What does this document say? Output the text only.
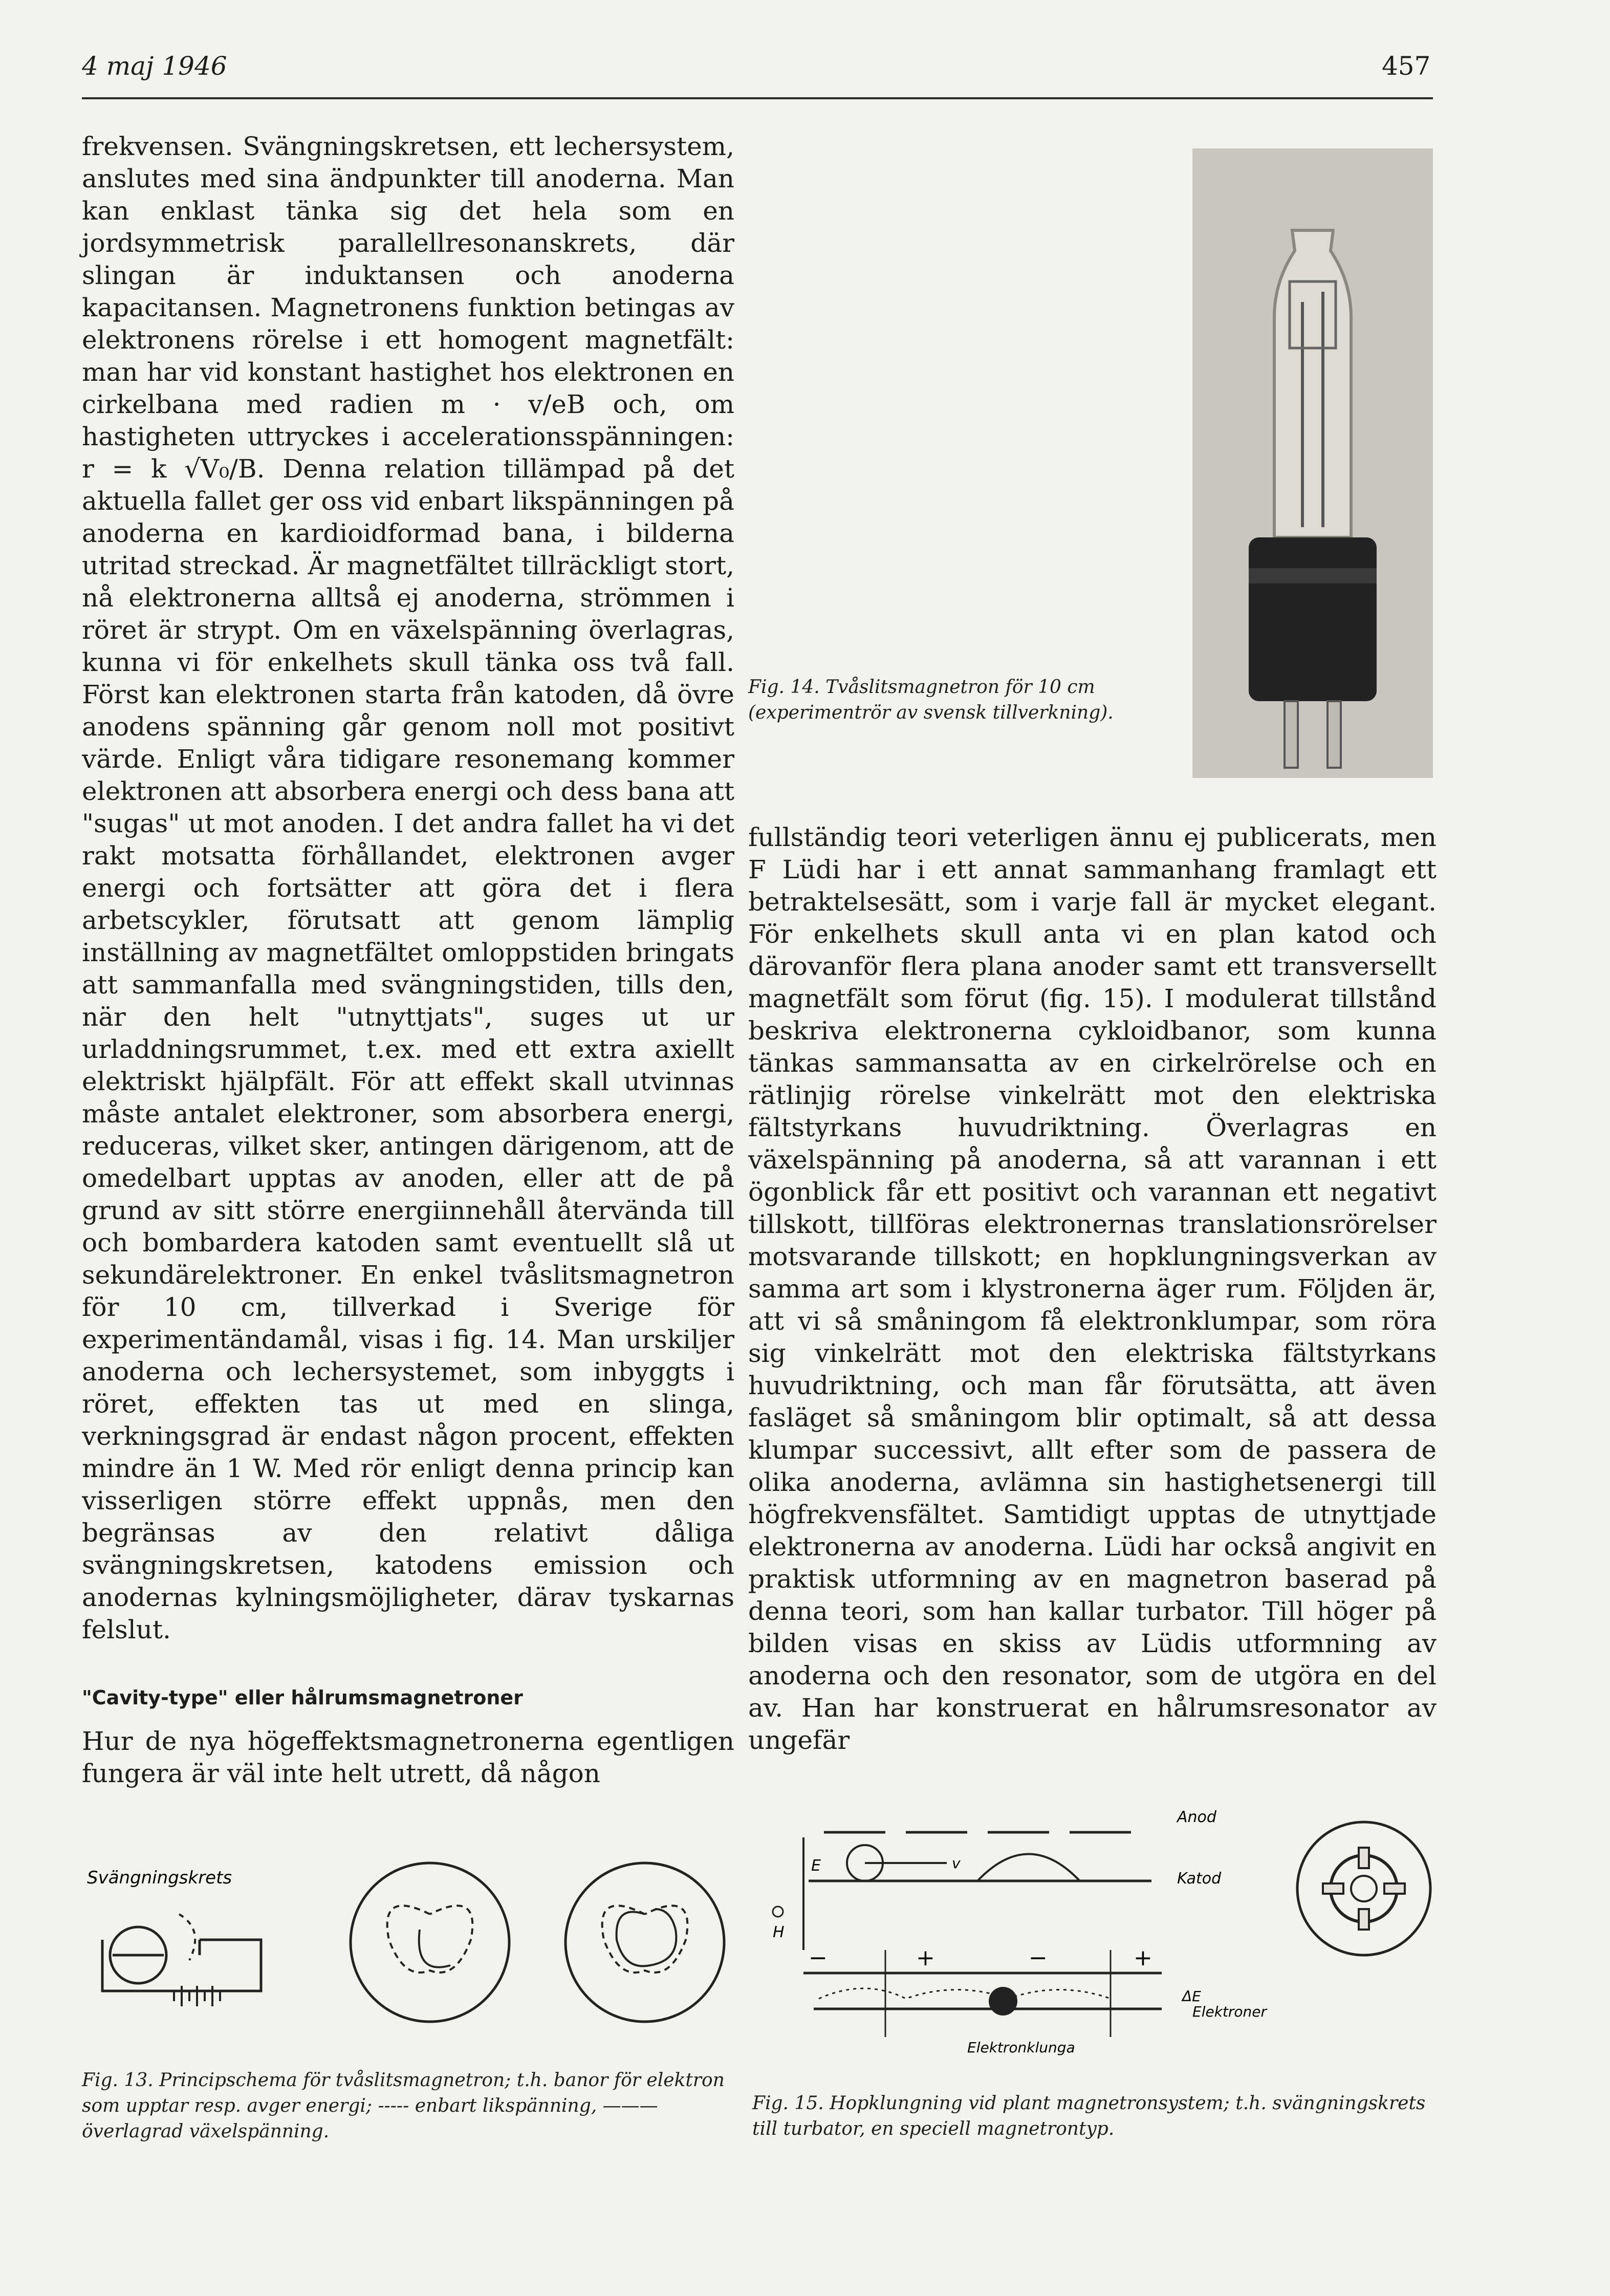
4 maj 1946	457

frekvensen. Svängningskretsen, ett lechersystem, anslutes med sina ändpunkter till anoderna. Man kan enklast tänka sig det hela som en jordsymmetrisk parallellresonanskrets, där slingan är induktansen och anoderna kapacitansen. Magnetronens funktion betingas av elektronens rörelse i ett homogent magnetfält: man har vid konstant hastighet hos elektronen en cirkelbana med radien m · v/eB och, om hastigheten uttryckes i accelerationsspänningen: r = k √V₀/B. Denna relation tillämpad på det aktuella fallet ger oss vid enbart likspänningen på anoderna en kardioidformad bana, i bilderna utritad streckad. Är magnetfältet tillräckligt stort, nå elektronerna alltså ej anoderna, strömmen i röret är strypt. Om en växelspänning överlagras, kunna vi för enkelhets skull tänka oss två fall. Först kan elektronen starta från katoden, då övre anodens spänning går genom noll mot positivt värde. Enligt våra tidigare resonemang kommer elektronen att absorbera energi och dess bana att "sugas" ut mot anoden. I det andra fallet ha vi det rakt motsatta förhållandet, elektronen avger energi och fortsätter att göra det i flera arbetscykler, förutsatt att genom lämplig inställning av magnetfältet omloppstiden bringats att sammanfalla med svängningstiden, tills den, när den helt "utnyttjats", suges ut ur urladdningsrummet, t.ex. med ett extra axiellt elektriskt hjälpfält. För att effekt skall utvinnas måste antalet elektroner, som absorbera energi, reduceras, vilket sker, antingen därigenom, att de omedelbart upptas av anoden, eller att de på grund av sitt större energiinnehåll återvända till och bombardera katoden samt eventuellt slå ut sekundärelektroner. En enkel tvåslitsmagnetron för 10 cm, tillverkad i Sverige för experimentändamål, visas i fig. 14. Man urskiljer anoderna och lechersystemet, som inbyggts i röret, effekten tas ut med en slinga, verkningsgrad är endast någon procent, effekten mindre än 1 W. Med rör enligt denna princip kan visserligen större effekt uppnås, men den begränsas av den relativt dåliga svängningskretsen, katodens emission och anodernas kylningsmöjligheter, därav tyskarnas felslut.

"Cavity-type" eller hålrumsmagnetroner

Hur de nya högeffektsmagnetronerna egentligen fungera är väl inte helt utrett, då någon

Fig. 14. Tvåslitsmagnetron för 10 cm (experimentrör av svensk tillverkning).

fullständig teori veterligen ännu ej publicerats, men F Lüdi har i ett annat sammanhang framlagt ett betraktelsesätt, som i varje fall är mycket elegant. För enkelhets skull anta vi en plan katod och därovanför flera plana anoder samt ett transversellt magnetfält som förut (fig. 15). I modulerat tillstånd beskriva elektronerna cykloidbanor, som kunna tänkas sammansatta av en cirkelrörelse och en rätlinjig rörelse vinkelrätt mot den elektriska fältstyrkans huvudriktning. Överlagras en växelspänning på anoderna, så att varannan i ett ögonblick får ett positivt och varannan ett negativt tillskott, tillföras elektronernas translationsrörelser motsvarande tillskott; en hopklungningsverkan av samma art som i klystronerna äger rum. Följden är, att vi så småningom få elektronklumpar, som röra sig vinkelrätt mot den elektriska fältstyrkans huvudriktning, och man får förutsätta, att även fasläget så småningom blir optimalt, så att dessa klumpar successivt, allt efter som de passera de olika anoderna, avlämna sin hastighetsenergi till högfrekvensfältet. Samtidigt upptas de utnyttjade elektronerna av anoderna. Lüdi har också angivit en praktisk utformning av en magnetron baserad på denna teori, som han kallar turbator. Till höger på bilden visas en skiss av Lüdis utformning av anoderna och den resonator, som de utgöra en del av. Han har konstruerat en hålrumsresonator av ungefär

Svängningskrets
Fig. 13. Principschema för tvåslitsmagnetron; t.h. banor för elektron som upptar resp. avger energi; ----- enbart likspänning, ——— överlagrad växelspänning.
Anod
Katod
E
H
v
−	+	−	+
ΔE
Elektroner
Elektronklunga
Fig. 15. Hopklungning vid plant magnetronsystem; t.h. svängningskrets till turbator, en speciell magnetrontyp.
